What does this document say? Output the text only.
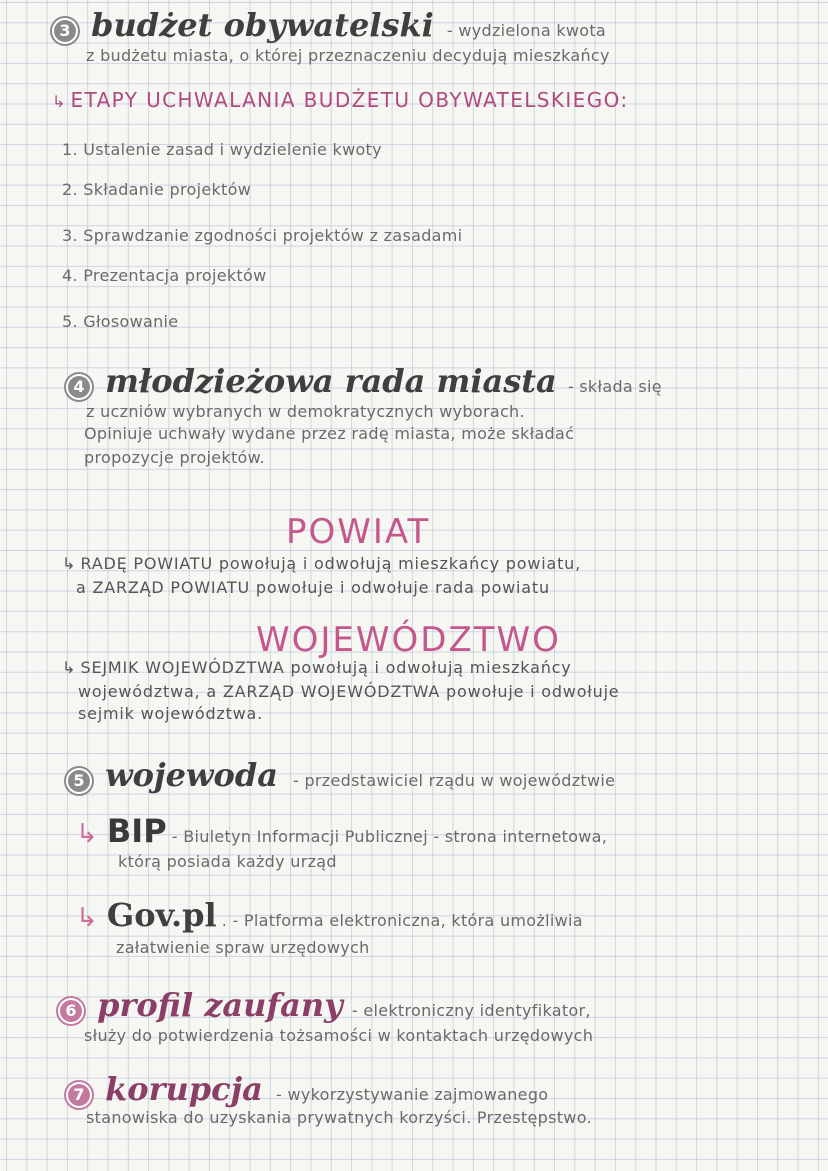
3 budżet obywatelski - wydzielona kwota
z budżetu miasta, o której przeznaczeniu decydują mieszkańcy
↳ ETAPY UCHWALANIA BUDŻETU OBYWATELSKIEGO:
1. Ustalenie zasad i wydzielenie kwoty
2. Składanie projektów
3. Sprawdzanie zgodności projektów z zasadami
4. Prezentacja projektów
5. Głosowanie
4 młodzieżowa rada miasta - składa się
z uczniów wybranych w demokratycznych wyborach.
Opiniuje uchwały wydane przez radę miasta, może składać
propozycje projektów.
POWIAT
↳ RADĘ POWIATU powołują i odwołują mieszkańcy powiatu,
a ZARZĄD POWIATU powołuje i odwołuje rada powiatu
WOJEWÓDZTWO
↳ SEJMIK WOJEWÓDZTWA powołują i odwołują mieszkańcy
województwa, a ZARZĄD WOJEWÓDZTWA powołuje i odwołuje
sejmik województwa.
5 wojewoda - przedstawiciel rządu w województwie
↳ BIP - Biuletyn Informacji Publicznej - strona internetowa,
którą posiada każdy urząd
↳ Gov.pl . - Platforma elektroniczna, która umożliwia
załatwienie spraw urzędowych
6 profil zaufany - elektroniczny identyfikator,
służy do potwierdzenia tożsamości w kontaktach urzędowych
7 korupcja - wykorzystywanie zajmowanego
stanowiska do uzyskania prywatnych korzyści. Przestępstwo.
